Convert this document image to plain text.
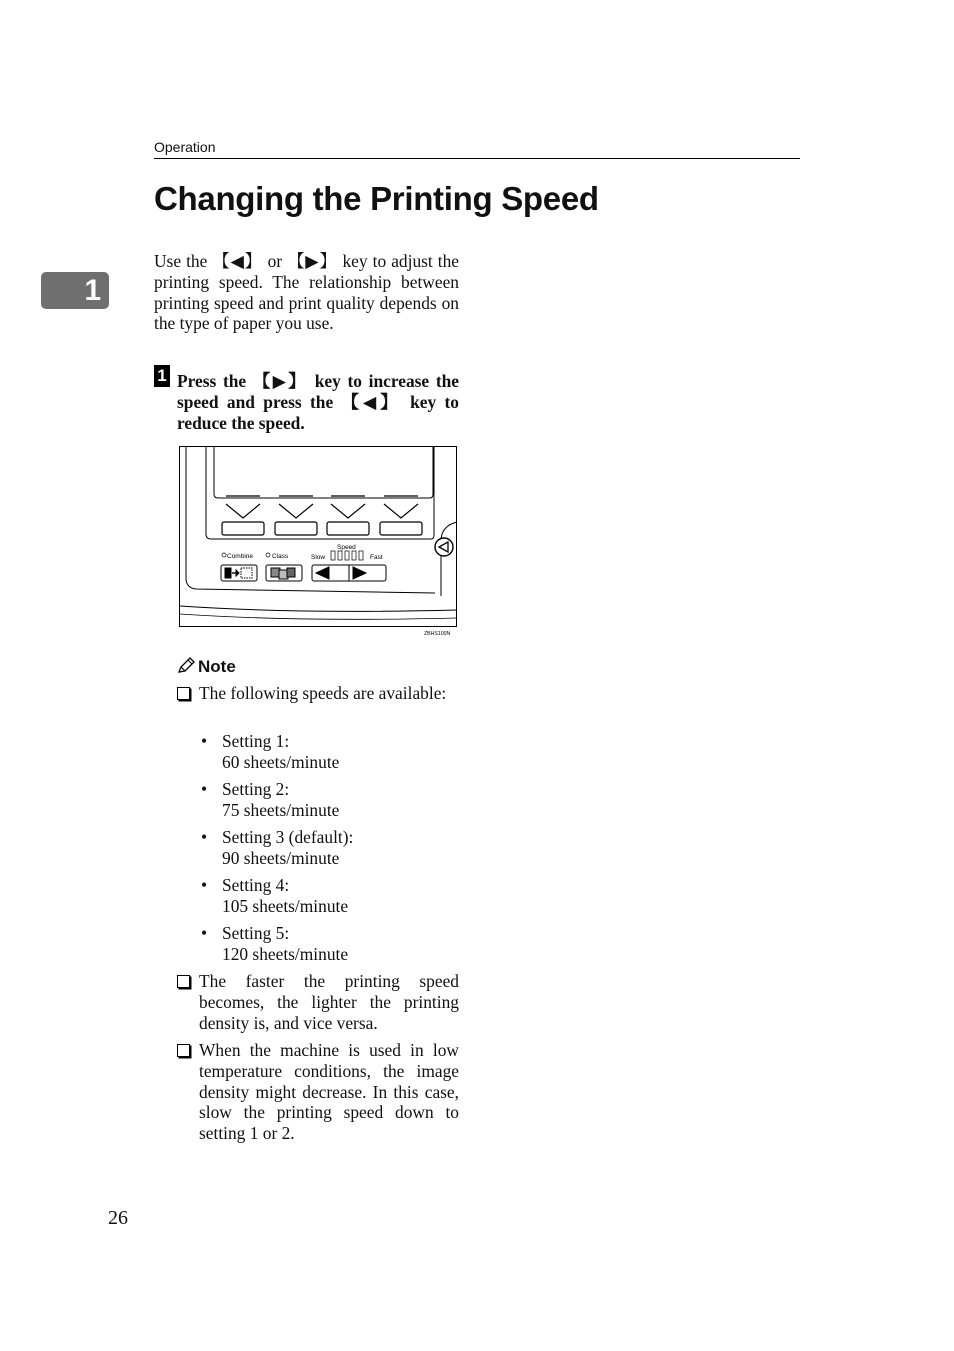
Operation
1
Changing the Printing Speed
Use the 【◀】 or 【▶】 key to adjust the printing speed. The relationship between printing speed and print quality depends on the type of paper you use.
1 Press the 【▶】 key to increase the speed and press the 【◀】 key to reduce the speed.
Combine	Class
Speed
Slow	Fast
ZBHS100N
Note
The following speeds are available:
• Setting 1:
60 sheets/minute
• Setting 2:
75 sheets/minute
• Setting 3 (default):
90 sheets/minute
• Setting 4:
105 sheets/minute
• Setting 5:
120 sheets/minute
The faster the printing speed becomes, the lighter the printing density is, and vice versa.
When the machine is used in low temperature conditions, the image density might decrease. In this case, slow the printing speed down to setting 1 or 2.
26
